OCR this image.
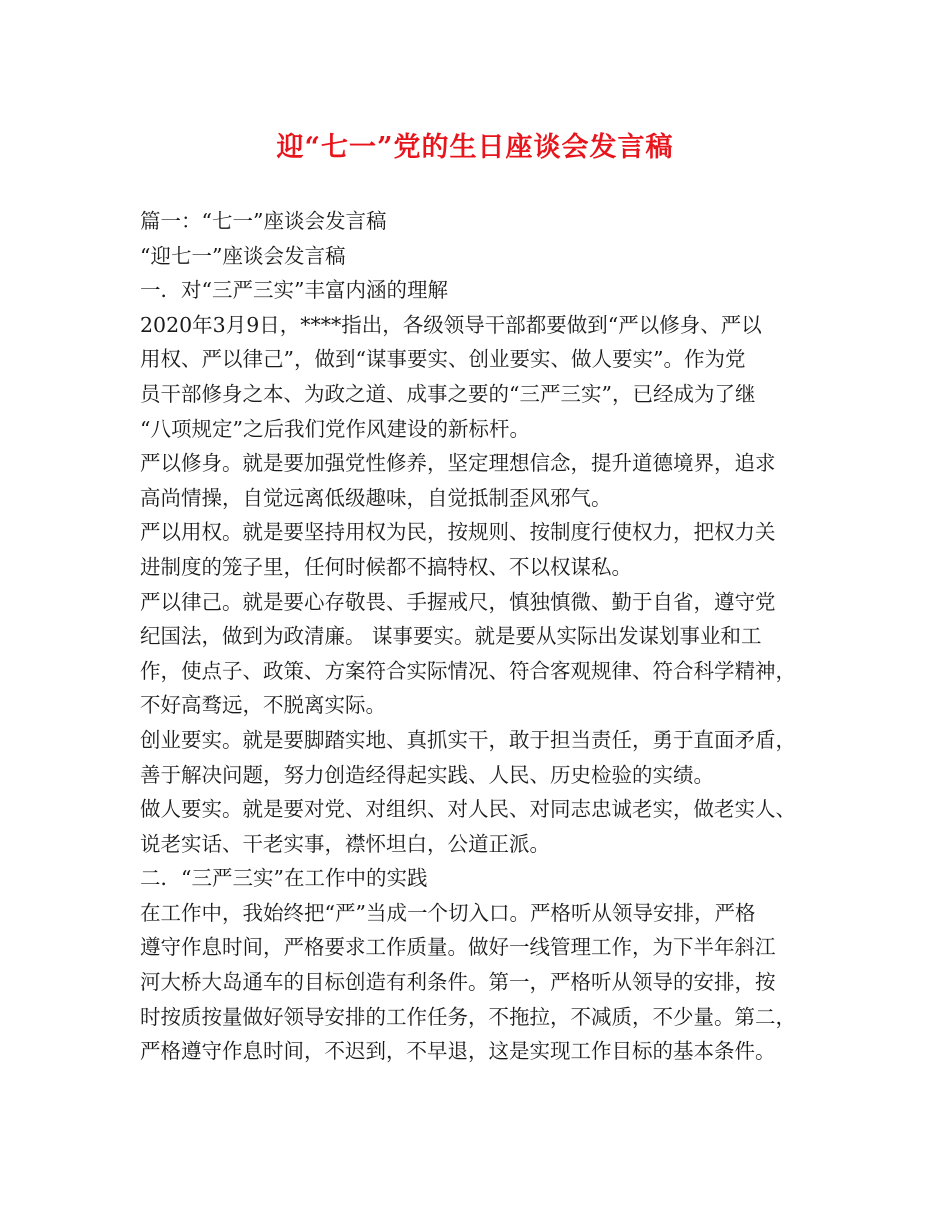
迎“七一”党的生日座谈会发言稿

篇一：“七一”座谈会发言稿

“迎七一”座谈会发言稿

一．对“三严三实”丰富内涵的理解

2020年3月9日，****指出，各级领导干部都要做到“严以修身、严以

用权、严以律己”，做到“谋事要实、创业要实、做人要实”。作为党

员干部修身之本、为政之道、成事之要的“三严三实”，已经成为了继

“八项规定”之后我们党作风建设的新标杆。

严以修身。就是要加强党性修养，坚定理想信念，提升道德境界，追求

高尚情操，自觉远离低级趣味，自觉抵制歪风邪气。

严以用权。就是要坚持用权为民，按规则、按制度行使权力，把权力关

进制度的笼子里，任何时候都不搞特权、不以权谋私。

严以律己。就是要心存敬畏、手握戒尺，慎独慎微、勤于自省，遵守党

纪国法，做到为政清廉。 谋事要实。就是要从实际出发谋划事业和工

作，使点子、政策、方案符合实际情况、符合客观规律、符合科学精神，

不好高骛远，不脱离实际。

创业要实。就是要脚踏实地、真抓实干，敢于担当责任，勇于直面矛盾，

善于解决问题，努力创造经得起实践、人民、历史检验的实绩。

做人要实。就是要对党、对组织、对人民、对同志忠诚老实，做老实人、

说老实话、干老实事，襟怀坦白，公道正派。

二．“三严三实”在工作中的实践

在工作中，我始终把“严”当成一个切入口。严格听从领导安排，严格

遵守作息时间，严格要求工作质量。做好一线管理工作，为下半年斜江

河大桥大岛通车的目标创造有利条件。第一，严格听从领导的安排，按

时按质按量做好领导安排的工作任务，不拖拉，不减质，不少量。第二，

严格遵守作息时间，不迟到，不早退，这是实现工作目标的基本条件。
